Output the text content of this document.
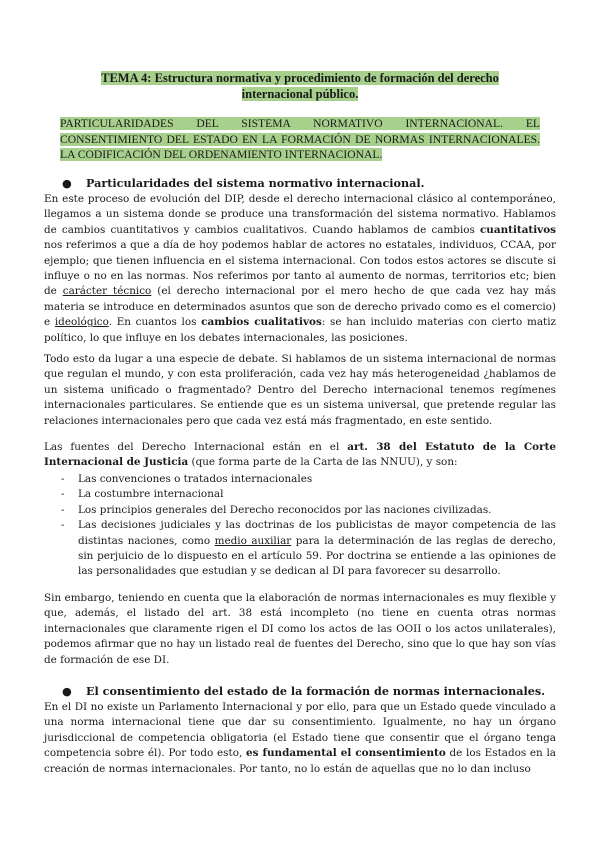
TEMA 4: Estructura normativa y procedimiento de formación del derecho
internacional público.
PARTICULARIDADES DEL SISTEMA NORMATIVO INTERNACIONAL. EL CONSENTIMIENTO DEL ESTADO EN LA FORMACIÓN DE NORMAS INTERNACIONALES. LA CODIFICACIÓN DEL ORDENAMIENTO INTERNACIONAL.
● Particularidades del sistema normativo internacional.
En este proceso de evolución del DIP, desde el derecho internacional clásico al contemporáneo, llegamos a un sistema donde se produce una transformación del sistema normativo. Hablamos de cambios cuantitativos y cambios cualitativos. Cuando hablamos de cambios cuantitativos nos referimos a que a día de hoy podemos hablar de actores no estatales, individuos, CCAA, por ejemplo; que tienen influencia en el sistema internacional. Con todos estos actores se discute si influye o no en las normas. Nos referimos por tanto al aumento de normas, territorios etc; bien de carácter técnico (el derecho internacional por el mero hecho de que cada vez hay más materia se introduce en determinados asuntos que son de derecho privado como es el comercio) e ideológico. En cuantos los cambios cualitativos: se han incluido materias con cierto matiz político, lo que influye en los debates internacionales, las posiciones.
Todo esto da lugar a una especie de debate. Si hablamos de un sistema internacional de normas que regulan el mundo, y con esta proliferación, cada vez hay más heterogeneidad ¿hablamos de un sistema unificado o fragmentado? Dentro del Derecho internacional tenemos regímenes internacionales particulares. Se entiende que es un sistema universal, que pretende regular las relaciones internacionales pero que cada vez está más fragmentado, en este sentido.
Las fuentes del Derecho Internacional están en el art. 38 del Estatuto de la Corte Internacional de Justicia (que forma parte de la Carta de las NNUU), y son:
- Las convenciones o tratados internacionales
- La costumbre internacional
- Los principios generales del Derecho reconocidos por las naciones civilizadas.
- Las decisiones judiciales y las doctrinas de los publicistas de mayor competencia de las distintas naciones, como medio auxiliar para la determinación de las reglas de derecho, sin perjuicio de lo dispuesto en el artículo 59. Por doctrina se entiende a las opiniones de las personalidades que estudian y se dedican al DI para favorecer su desarrollo.
Sin embargo, teniendo en cuenta que la elaboración de normas internacionales es muy flexible y que, además, el listado del art. 38 está incompleto (no tiene en cuenta otras normas internacionales que claramente rigen el DI como los actos de las OOII o los actos unilaterales), podemos afirmar que no hay un listado real de fuentes del Derecho, sino que lo que hay son vías de formación de ese DI.
● El consentimiento del estado de la formación de normas internacionales.
En el DI no existe un Parlamento Internacional y por ello, para que un Estado quede vinculado a una norma internacional tiene que dar su consentimiento. Igualmente, no hay un órgano jurisdiccional de competencia obligatoria (el Estado tiene que consentir que el órgano tenga competencia sobre él). Por todo esto, es fundamental el consentimiento de los Estados en la creación de normas internacionales. Por tanto, no lo están de aquellas que no lo dan incluso
